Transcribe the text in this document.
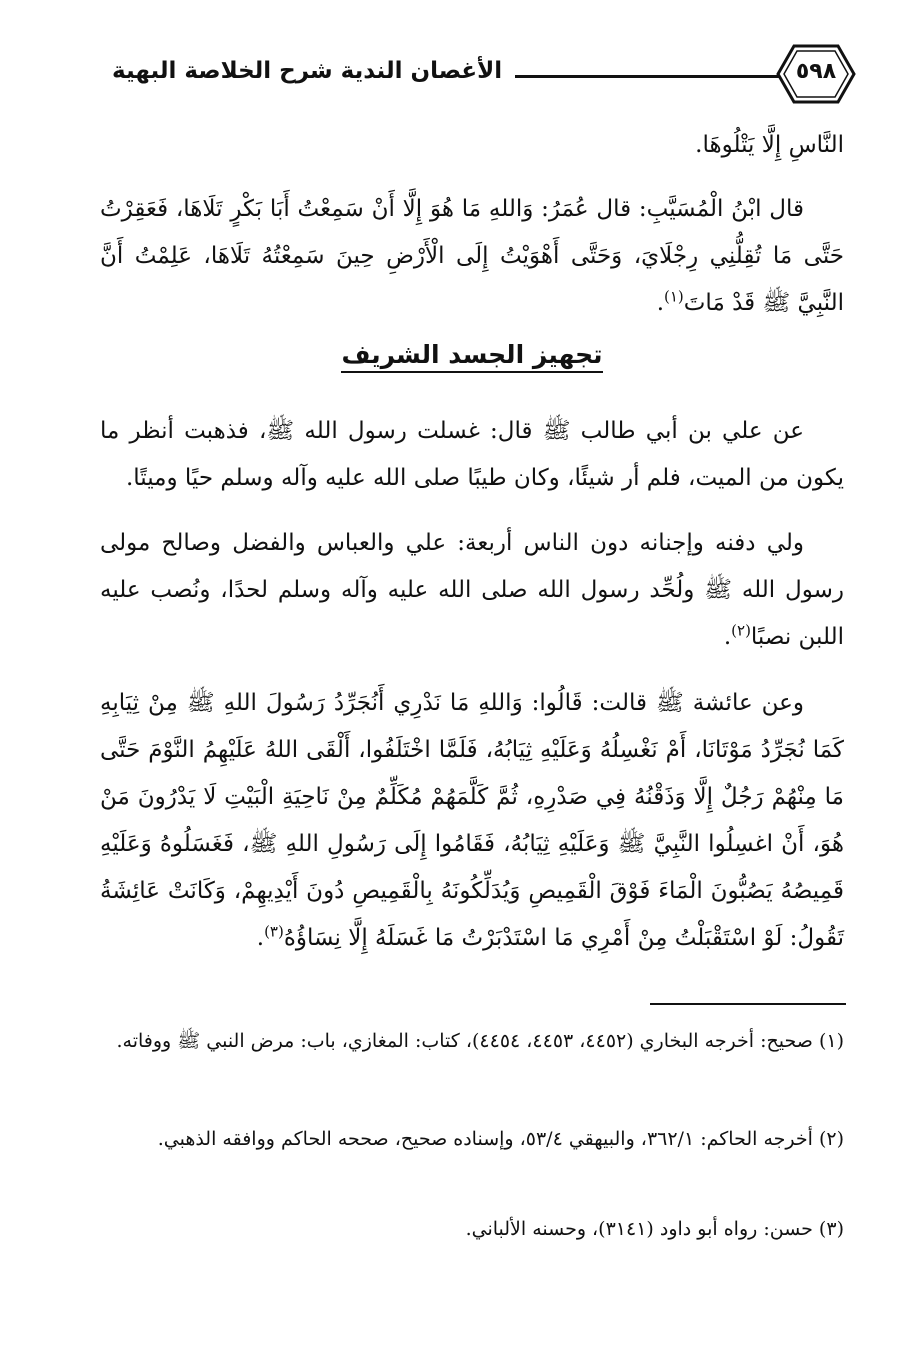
الأغصان الندية شرح الخلاصة البهية	٥٩٨

النَّاسِ إِلَّا يَتْلُوهَا.

قال ابْنُ الْمُسَيَّبِ: قال عُمَرُ: وَاللهِ مَا هُوَ إِلَّا أَنْ سَمِعْتُ أَبَا بَكْرٍ تَلَاهَا، فَعَقِرْتُ حَتَّى مَا تُقِلُّنِي رِجْلَايَ، وَحَتَّى أَهْوَيْتُ إِلَى الْأَرْضِ حِينَ سَمِعْتُهُ تَلَاهَا، عَلِمْتُ أَنَّ النَّبِيَّ ﷺ قَدْ مَاتَ$^{(١)}$.

تجهيز الجسد الشريف

عن علي بن أبي طالب ﷺ قال: غسلت رسول الله ﷺ، فذهبت أنظر ما يكون من الميت، فلم أر شيئًا، وكان طيبًا صلى الله عليه وآله وسلم حيًا وميتًا.

ولي دفنه وإجنانه دون الناس أربعة: علي والعباس والفضل وصالح مولى رسول الله ﷺ ولُحِّد رسول الله صلى الله عليه وآله وسلم لحدًا، ونُصب عليه اللبن نصبًا$^{(٢)}$.

وعن عائشة ﷺ قالت: قَالُوا: وَاللهِ مَا نَدْرِي أَنُجَرِّدُ رَسُولَ اللهِ ﷺ مِنْ ثِيَابِهِ كَمَا نُجَرِّدُ مَوْتَانَا، أَمْ نَغْسِلُهُ وَعَلَيْهِ ثِيَابُهُ، فَلَمَّا اخْتَلَفُوا، أَلْقَى اللهُ عَلَيْهِمُ النَّوْمَ حَتَّى مَا مِنْهُمْ رَجُلٌ إِلَّا وَذَقْنُهُ فِي صَدْرِهِ، ثُمَّ كَلَّمَهُمْ مُكَلِّمٌ مِنْ نَاحِيَةِ الْبَيْتِ لَا يَدْرُونَ مَنْ هُوَ، أَنْ اغسِلُوا النَّبِيَّ ﷺ وَعَلَيْهِ ثِيَابُهُ، فَقَامُوا إِلَى رَسُولِ اللهِ ﷺ، فَغَسَلُوهُ وَعَلَيْهِ قَمِيصُهُ يَصُبُّونَ الْمَاءَ فَوْقَ الْقَمِيصِ وَيُدَلِّكُونَهُ بِالْقَمِيصِ دُونَ أَيْدِيهِمْ، وَكَانَتْ عَائِشَةُ تَقُولُ: لَوْ اسْتَقْبَلْتُ مِنْ أَمْرِي مَا اسْتَدْبَرْتُ مَا غَسَلَهُ إِلَّا نِسَاؤُهُ$^{(٣)}$.

(١) صحيح: أخرجه البخاري (٤٤٥٢، ٤٤٥٣، ٤٤٥٤)، كتاب: المغازي، باب: مرض النبي ﷺ ووفاته.

(٢) أخرجه الحاكم: ٣٦٢/١، والبيهقي ٥٣/٤، وإسناده صحيح، صححه الحاكم ووافقه الذهبي.

(٣) حسن: رواه أبو داود (٣١٤١)، وحسنه الألباني.
